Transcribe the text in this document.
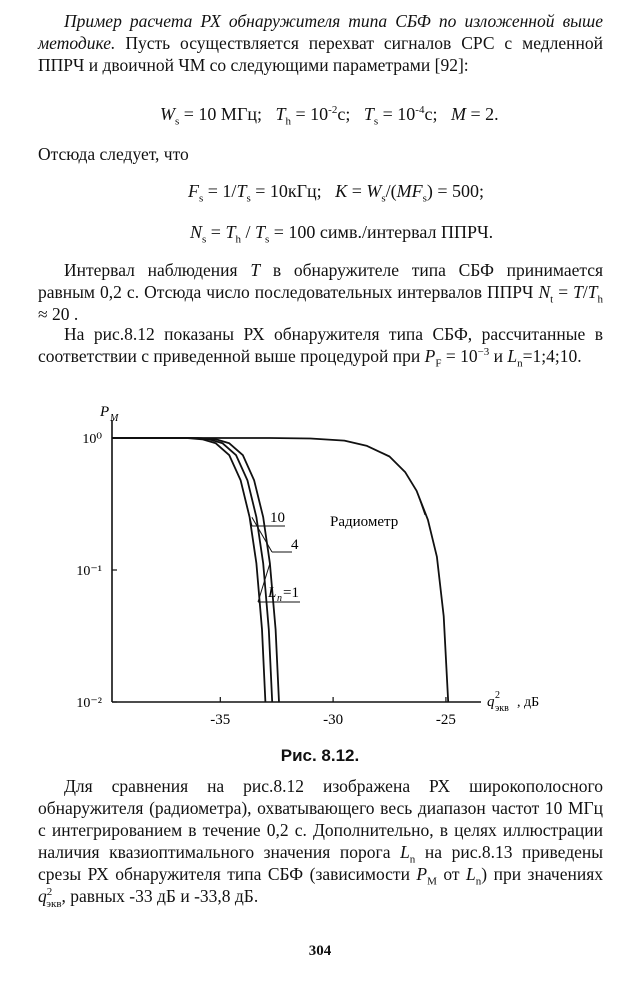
Пример расчета РХ обнаружителя типа СБФ по изложенной выше методике. Пусть осуществляется перехват сигналов СРС с медленной ППРЧ и двоичной ЧМ со следующими параметрами [92]:

$W_s = 10$ МГц; $T_h = 10^{-2}с$; $T_s = 10^{-4}с$; M = 2.

Отсюда следует, что

$F_s = 1/T_s = 10кГц$; $K = W_s/(MF_s) = 500$;
$N_s = T_h / T_s = 100$ симв./интервал ППРЧ.

Интервал наблюдения T в обнаружителе типа СБФ принимается равным 0,2 с. Отсюда число последовательных интервалов ППРЧ $N_t = T/T_h \approx 20$ .

На рис.8.12 показаны РХ обнаружителя типа СБФ, рассчитанные в соответствии с приведенной выше процедурой при $P_F = 10^{-3}$ и $L_n=1;4;10$.

-35	-30	-25
10⁰
10⁻¹
10⁻²
P M
q 2
экв , дБ
Радиометр
10
4
L n =1
Рис. 8.12.

Для сравнения на рис.8.12 изображена РХ широкополосного обнаружителя (радиометра), охватывающего весь диапазон частот 10 МГц с интегрированием в течение 0,2 с. Дополнительно, в целях иллюстрации наличия квазиоптимального значения порога $L_n$ на рис.8.13 приведены срезы РХ обнаружителя типа СБФ (зависимости $P_M$ от $L_n$) при значениях $q^2_{экв}$, равных -33 дБ и -33,8 дБ.

304
